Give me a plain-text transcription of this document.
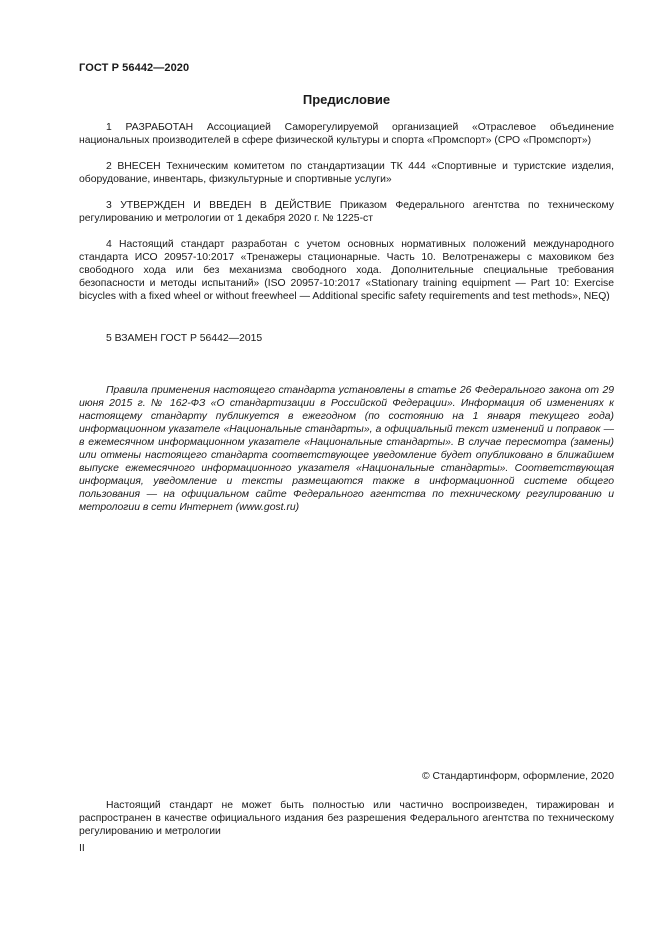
ГОСТ Р 56442—2020
Предисловие

1 РАЗРАБОТАН Ассоциацией Саморегулируемой организацией «Отраслевое объединение национальных производителей в сфере физической культуры и спорта «Промспорт» (СРО «Промспорт»)

2 ВНЕСЕН Техническим комитетом по стандартизации ТК 444 «Спортивные и туристские изделия, оборудование, инвентарь, физкультурные и спортивные услуги»

3 УТВЕРЖДЕН И ВВЕДЕН В ДЕЙСТВИЕ Приказом Федерального агентства по техническому регулированию и метрологии от 1 декабря 2020 г. № 1225-ст

4 Настоящий стандарт разработан с учетом основных нормативных положений международного стандарта ИСО 20957-10:2017 «Тренажеры стационарные. Часть 10. Велотренажеры с маховиком без свободного хода или без механизма свободного хода. Дополнительные специальные требования безопасности и методы испытаний» (ISO 20957-10:2017 «Stationary training equipment — Part 10: Exercise bicycles with a fixed wheel or without freewheel — Additional specific safety requirements and test methods», NEQ)

5 ВЗАМЕН ГОСТ Р 56442—2015

Правила применения настоящего стандарта установлены в статье 26 Федерального закона от 29 июня 2015 г. № 162-ФЗ «О стандартизации в Российской Федерации». Информация об изменениях к настоящему стандарту публикуется в ежегодном (по состоянию на 1 января текущего года) информационном указателе «Национальные стандарты», а официальный текст изменений и поправок — в ежемесячном информационном указателе «Национальные стандарты». В случае пересмотра (замены) или отмены настоящего стандарта соответствующее уведомление будет опубликовано в ближайшем выпуске ежемесячного информационного указателя «Национальные стандарты». Соответствующая информация, уведомление и тексты размещаются также в информационной системе общего пользования — на официальном сайте Федерального агентства по техническому регулированию и метрологии в сети Интернет (www.gost.ru)

© Стандартинформ, оформление, 2020

Настоящий стандарт не может быть полностью или частично воспроизведен, тиражирован и распространен в качестве официального издания без разрешения Федерального агентства по техническому регулированию и метрологии

II
